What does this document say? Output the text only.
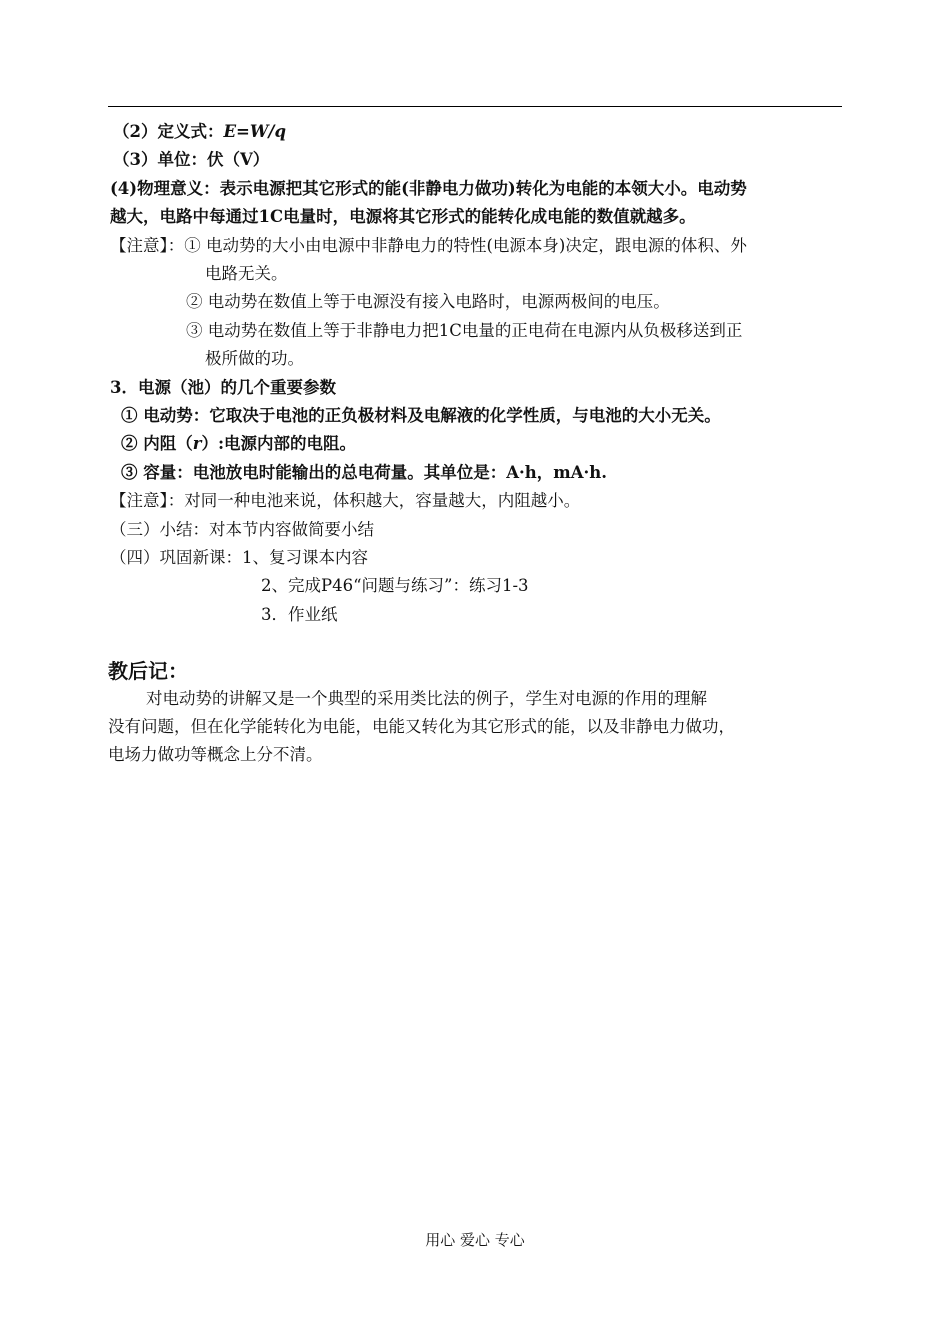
（2）定义式：E=W/q
（3）单位：伏（V）
(4)物理意义：表示电源把其它形式的能(非静电力做功)转化为电能的本领大小。电动势
越大，电路中每通过1C电量时，电源将其它形式的能转化成电能的数值就越多。
【注意】：① 电动势的大小由电源中非静电力的特性(电源本身)决定，跟电源的体积、外
电路无关。
② 电动势在数值上等于电源没有接入电路时，电源两极间的电压。
③ 电动势在数值上等于非静电力把1C电量的正电荷在电源内从负极移送到正
极所做的功。
3．电源（池）的几个重要参数
① 电动势：它取决于电池的正负极材料及电解液的化学性质，与电池的大小无关。
② 内阻（r）:电源内部的电阻。
③ 容量：电池放电时能输出的总电荷量。其单位是：A·h，mA·h.
【注意】：对同一种电池来说，体积越大，容量越大，内阻越小。
（三）小结：对本节内容做简要小结
（四）巩固新课：1、复习课本内容
2、完成P46“问题与练习”：练习1-3
3．作业纸
教后记：
对电动势的讲解又是一个典型的采用类比法的例子，学生对电源的作用的理解
没有问题，但在化学能转化为电能，电能又转化为其它形式的能，以及非静电力做功，
电场力做功等概念上分不清。
用心 爱心 专心
